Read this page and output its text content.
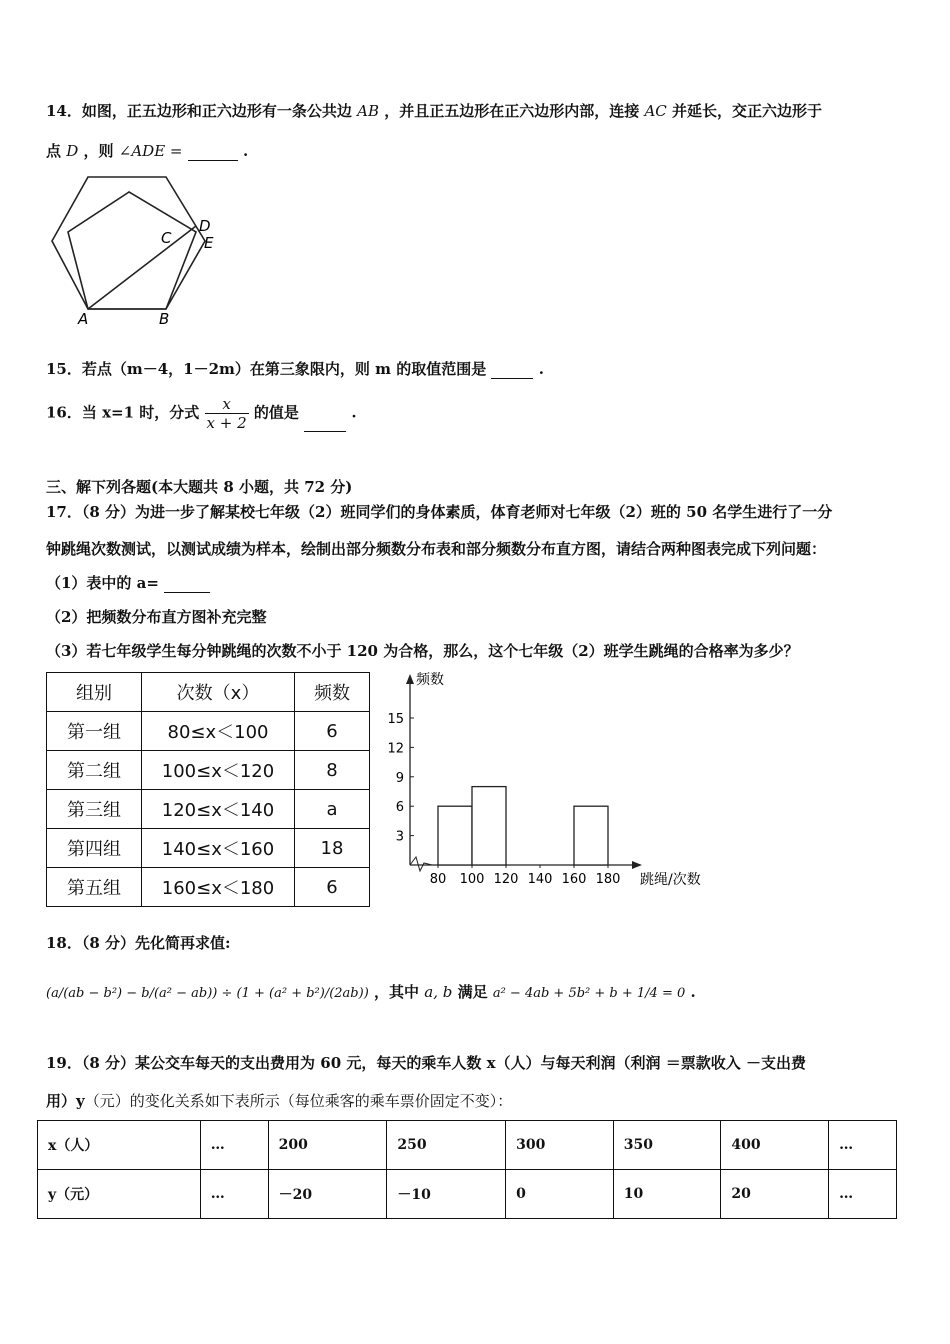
14．如图，正五边形和正六边形有一条公共边 AB ，并且正五边形在正六边形内部，连接 AC 并延长，交正六边形于
点 D ，则 ∠ADE =	.
A	B
C
D
E
15．若点（m－4，1－2m）在第三象限内，则 m 的取值范围是	.
16．当 x=1 时，分式 $\frac{x}{x + 2}$ 的值是	.
三、解下列各题(本大题共 8 小题，共 72 分)
17．（8 分）为进一步了解某校七年级（2）班同学们的身体素质，体育老师对七年级（2）班的 50 名学生进行了一分
钟跳绳次数测试，以测试成绩为样本，绘制出部分频数分布表和部分频数分布直方图，请结合两种图表完成下列问题：
（1）表中的 a=
（2）把频数分布直方图补充完整
（3）若七年级学生每分钟跳绳的次数不小于 120 为合格，那么，这个七年级（2）班学生跳绳的合格率为多少？
组别	次数（x）	频数
第一组	80≤x＜100	6
第二组	100≤x＜120	8
第三组	120≤x＜140	a
第四组	140≤x＜160	18
第五组	160≤x＜180	6
频数
跳绳/次数
3
6
9
12
15
80 100 120 140 160 180
18．（8 分）先化简再求值:
(a/(ab − b²) − b/(a² − ab)) ÷ (1 + (a² + b²)/(2ab)) ，其中 a, b 满足 a² − 4ab + 5b² + b + 1/4 = 0 .
19．（8 分）某公交车每天的支出费用为 60 元，每天的乘车人数 x（人）与每天利润（利润 ＝票款收入 －支出费
用）y（元）的变化关系如下表所示（每位乘客的乘车票价固定不变）：
x（人）	…	200	250	300	350	400	…
y（元）	…	－20	－10	0	10	20	…
